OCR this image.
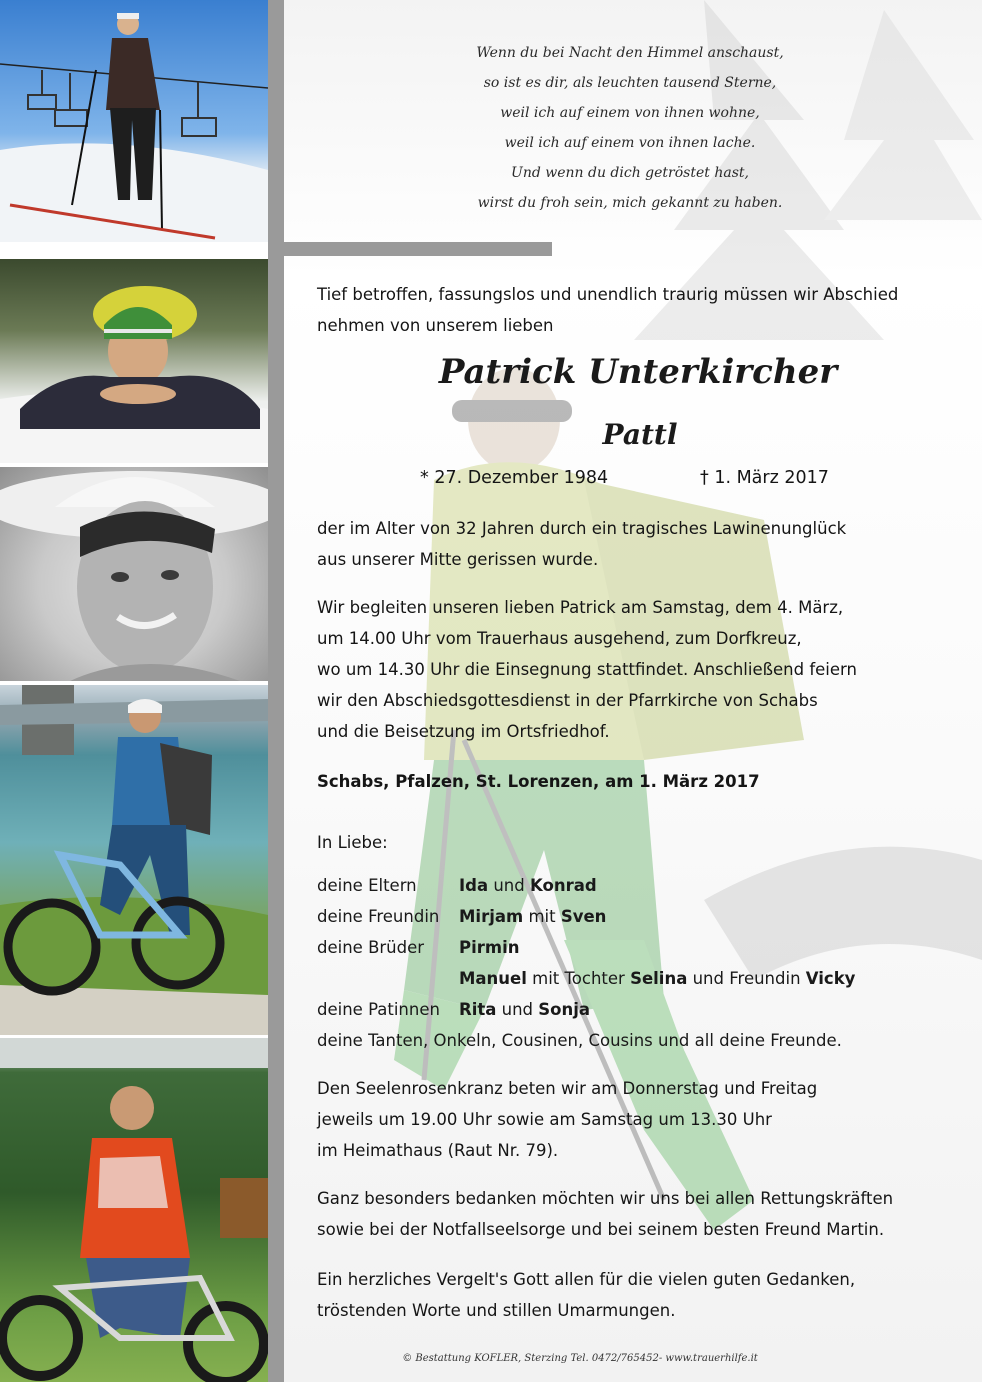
Wenn du bei Nacht den Himmel anschaust,
so ist es dir, als leuchten tausend Sterne,
weil ich auf einem von ihnen wohne,
weil ich auf einem von ihnen lache.
Und wenn du dich getröstet hast,
wirst du froh sein, mich gekannt zu haben.
Tief betroffen, fassungslos und unendlich traurig müssen wir Abschied
nehmen von unserem lieben
Patrick Unterkircher
Pattl
* 27. Dezember 1984	† 1. März 2017
der im Alter von 32 Jahren durch ein tragisches Lawinenunglück
aus unserer Mitte gerissen wurde.
Wir begleiten unseren lieben Patrick am Samstag, dem 4. März,
um 14.00 Uhr vom Trauerhaus ausgehend, zum Dorfkreuz,
wo um 14.30 Uhr die Einsegnung stattfindet. Anschließend feiern
wir den Abschiedsgottesdienst in der Pfarrkirche von Schabs
und die Beisetzung im Ortsfriedhof.
Schabs, Pfalzen, St. Lorenzen, am 1. März 2017
In Liebe:
deine Eltern	Ida und Konrad
deine Freundin	Mirjam mit Sven
deine Brüder	Pirmin
Manuel mit Tochter Selina und Freundin Vicky
deine Patinnen	Rita und Sonja
deine Tanten, Onkeln, Cousinen, Cousins und all deine Freunde.
Den Seelenrosenkranz beten wir am Donnerstag und Freitag
jeweils um 19.00 Uhr sowie am Samstag um 13.30 Uhr
im Heimathaus (Raut Nr. 79).
Ganz besonders bedanken möchten wir uns bei allen Rettungskräften
sowie bei der Notfallseelsorge und bei seinem besten Freund Martin.
Ein herzliches Vergelt's Gott allen für die vielen guten Gedanken,
tröstenden Worte und stillen Umarmungen.
© Bestattung KOFLER, Sterzing Tel. 0472/765452- www.trauerhilfe.it
